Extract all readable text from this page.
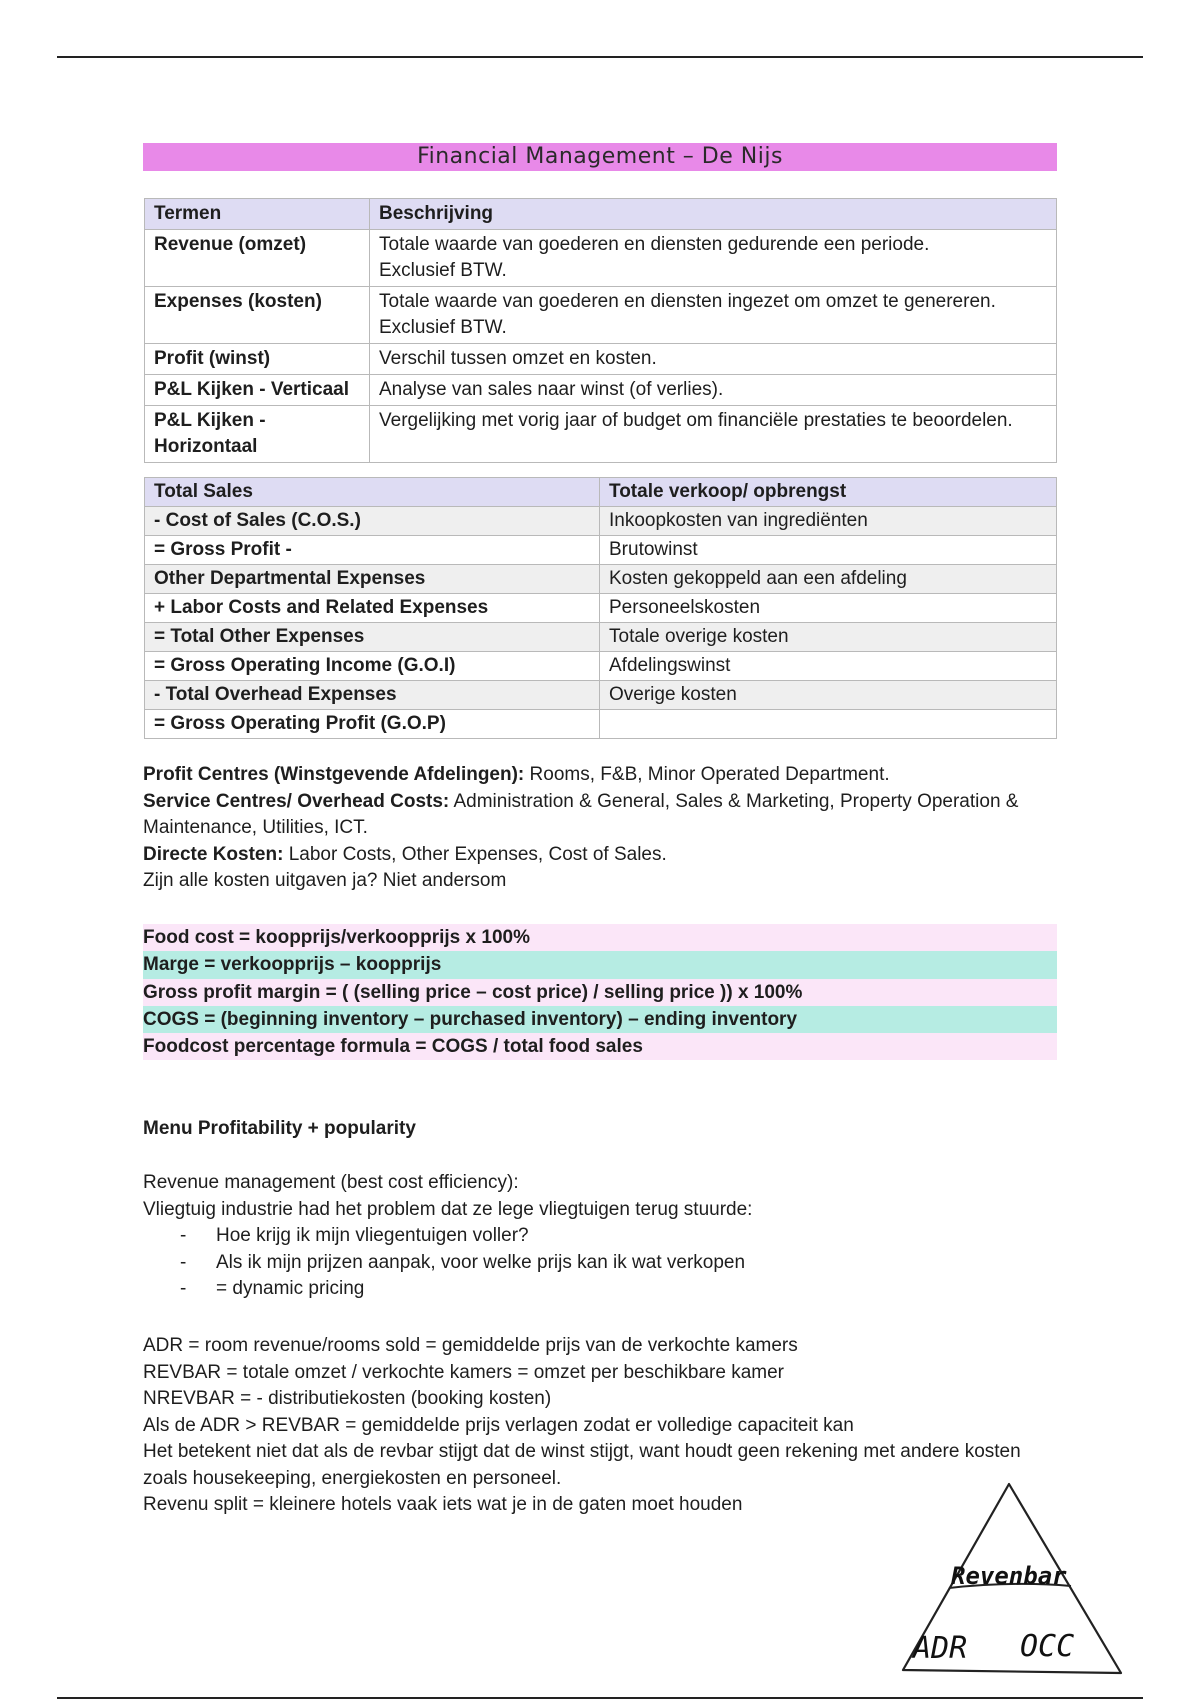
Financial Management – De Nijs
Termen	Beschrijving
Revenue (omzet)	Totale waarde van goederen en diensten gedurende een periode.
Exclusief BTW.
Expenses (kosten)	Totale waarde van goederen en diensten ingezet om omzet te genereren.
Exclusief BTW.
Profit (winst)	Verschil tussen omzet en kosten.
P&L Kijken - Verticaal	Analyse van sales naar winst (of verlies).
P&L Kijken - Horizontaal	Vergelijking met vorig jaar of budget om financiële prestaties te beoordelen.
Total Sales	Totale verkoop/ opbrengst
- Cost of Sales (C.O.S.)	Inkoopkosten van ingrediënten
= Gross Profit -	Brutowinst
Other Departmental Expenses	Kosten gekoppeld aan een afdeling
+ Labor Costs and Related Expenses	Personeelskosten
= Total Other Expenses	Totale overige kosten
= Gross Operating Income (G.O.I)	Afdelingswinst
- Total Overhead Expenses	Overige kosten
= Gross Operating Profit (G.O.P)	
Profit Centres (Winstgevende Afdelingen): Rooms, F&B, Minor Operated Department.
Service Centres/ Overhead Costs: Administration & General, Sales & Marketing, Property Operation & Maintenance, Utilities, ICT.
Directe Kosten: Labor Costs, Other Expenses, Cost of Sales.
Zijn alle kosten uitgaven ja? Niet andersom
Food cost = koopprijs/verkoopprijs x 100%
Marge = verkoopprijs – koopprijs
Gross profit margin = ( (selling price – cost price) / selling price )) x 100%
COGS = (beginning inventory – purchased inventory) – ending inventory
Foodcost percentage formula = COGS / total food sales
Menu Profitability + popularity
Revenue management (best cost efficiency):
Vliegtuig industrie had het problem dat ze lege vliegtuigen terug stuurde:
- Hoe krijg ik mijn vliegentuigen voller?
- Als ik mijn prijzen aanpak, voor welke prijs kan ik wat verkopen
- = dynamic pricing
ADR = room revenue/rooms sold = gemiddelde prijs van de verkochte kamers
REVBAR = totale omzet / verkochte kamers = omzet per beschikbare kamer
NREVBAR = - distributiekosten (booking kosten)
Als de ADR > REVBAR = gemiddelde prijs verlagen zodat er volledige capaciteit kan
Het betekent niet dat als de revbar stijgt dat de winst stijgt, want houdt geen rekening met andere kosten zoals housekeeping, energiekosten en personeel.
Revenu split = kleinere hotels vaak iets wat je in de gaten moet houden
Revenbar
ADR OCC
